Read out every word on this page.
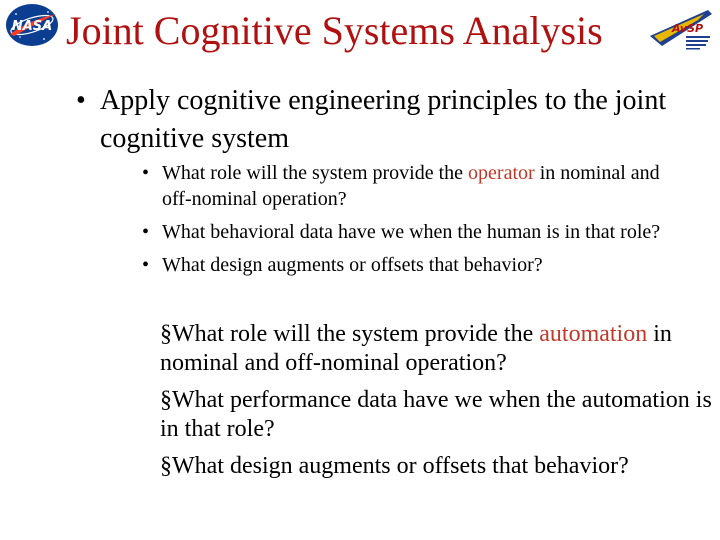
NASA Joint Cognitive Systems Analysis	AvSP
• Apply cognitive engineering principles to the joint cognitive system
• What role will the system provide the operator in nominal and off-nominal operation?
• What behavioral data have we when the human is in that role?
• What design augments or offsets that behavior?
§What role will the system provide the automation in nominal and off-nominal operation?
§What performance data have we when the automation is in that role?
§What design augments or offsets that behavior?
